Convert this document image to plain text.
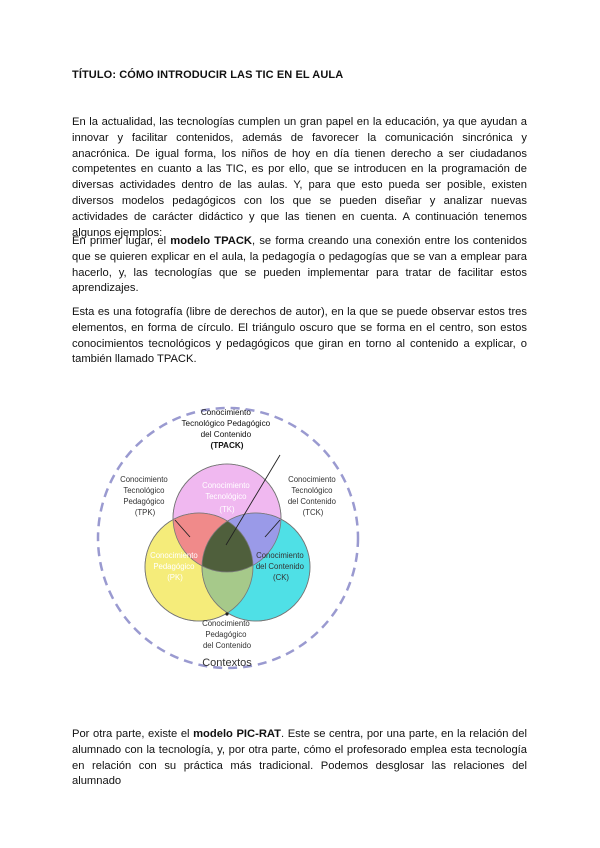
TÍTULO: CÓMO INTRODUCIR LAS TIC EN EL AULA

En la actualidad, las tecnologías cumplen un gran papel en la educación, ya que ayudan a innovar y facilitar contenidos, además de favorecer la comunicación sincrónica y anacrónica. De igual forma, los niños de hoy en día tienen derecho a ser ciudadanos competentes en cuanto a las TIC, es por ello, que se introducen en la programación de diversas actividades dentro de las aulas. Y, para que esto pueda ser posible, existen diversos modelos pedagógicos con los que se pueden diseñar y analizar nuevas actividades de carácter didáctico y que las tienen en cuenta. A continuación tenemos algunos ejemplos:

En primer lugar, el modelo TPACK, se forma creando una conexión entre los contenidos que se quieren explicar en el aula, la pedagogía o pedagogías que se van a emplear para hacerlo, y, las tecnologías que se pueden implementar para tratar de facilitar estos aprendizajes.

Esta es una fotografía (libre de derechos de autor), en la que se puede observar estos tres elementos, en forma de círculo. El triángulo oscuro que se forma en el centro, son estos conocimientos tecnológicos y pedagógicos que giran en torno al contenido a explicar, o también llamado TPACK.

Conocimiento Tecnológico Pedagógico del Contenido (TPACK)
Conocimiento Tecnológico Pedagógico (TPK)
Conocimiento Tecnológico del Contenido (TCK)
Conocimiento Tecnológico (TK)
Conocimiento Pedagógico (PK)
Conocimiento del Contenido (CK)
Conocimiento Pedagógico del Contenido
Contextos

Por otra parte, existe el modelo PIC-RAT. Este se centra, por una parte, en la relación del alumnado con la tecnología, y, por otra parte, cómo el profesorado emplea esta tecnología en relación con su práctica más tradicional. Podemos desglosar las relaciones del alumnado
